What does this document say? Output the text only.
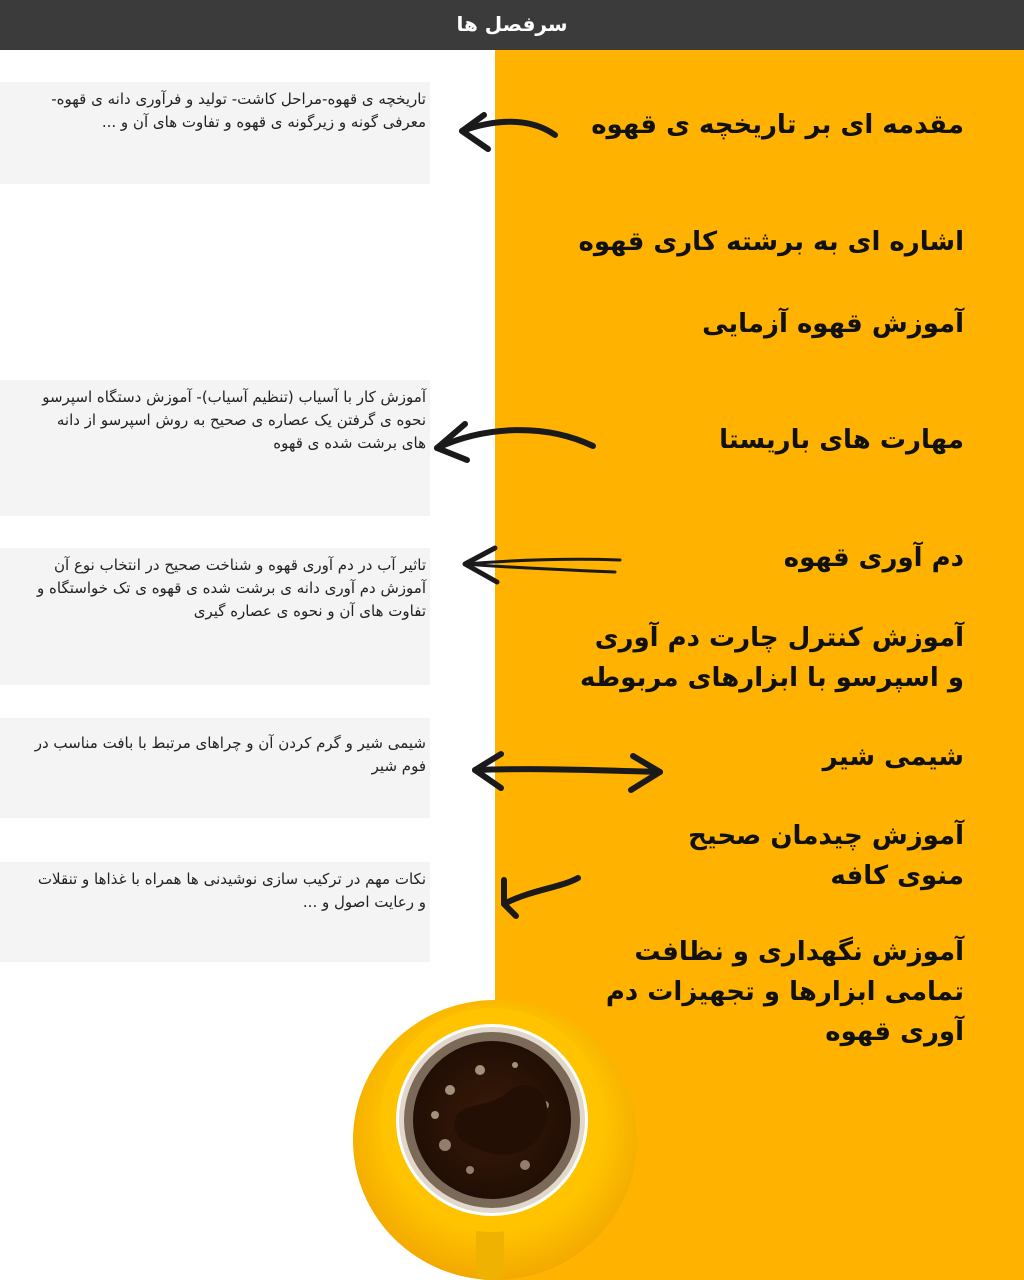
سرفصل ها
مقدمه ای بر تاریخچه ی قهوه
اشاره ای به برشته کاری قهوه
آموزش قهوه آزمایی
مهارت های باریستا
دم آوری قهوه
آموزش کنترل چارت دم آوری و اسپرسو با ابزارهای مربوطه
شیمی شیر
آموزش چیدمان صحیح منوی کافه
آموزش نگهداری و نظافت تمامی ابزارها و تجهیزات دم آوری قهوه
تاریخچه ی قهوه-مراحل کاشت- تولید و فرآوری دانه ی قهوه-معرفی گونه و زیرگونه ی قهوه و تفاوت های آن و ...
آموزش کار با آسیاب (تنظیم آسیاب)- آموزش دستگاه اسپرسو نحوه ی گرفتن یک عصاره ی صحیح به روش اسپرسو از دانه های برشت شده ی قهوه
تاثیر آب در دم آوری قهوه و شناخت صحیح در انتخاب نوع آن آموزش دم آوری دانه ی برشت شده ی قهوه ی تک خواستگاه و تفاوت های آن و نحوه ی عصاره گیری
شیمی شیر و گرم کردن آن و چراهای مرتبط با بافت مناسب در فوم شیر
نکات مهم در ترکیب سازی نوشیدنی ها همراه با غذاها و تنقلات و رعایت اصول و ...
